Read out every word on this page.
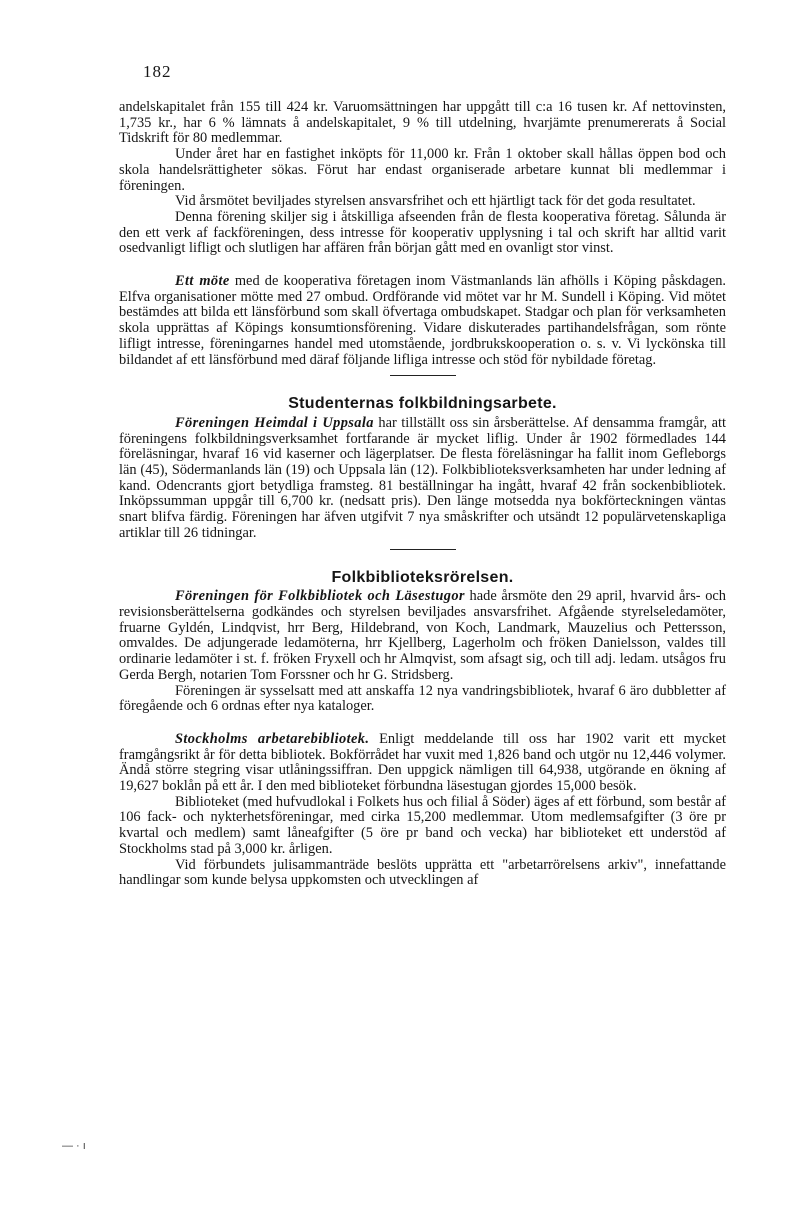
182

andelskapitalet från 155 till 424 kr. Varuomsättningen har uppgått till c:a 16 tusen kr. Af nettovinsten, 1,735 kr., har 6 % lämnats å andelskapitalet, 9 % till utdelning, hvarjämte prenumererats å Social Tidskrift för 80 medlemmar.

Under året har en fastighet inköpts för 11,000 kr. Från 1 oktober skall hållas öppen bod och skola handelsrättigheter sökas. Förut har endast organiserade arbetare kunnat bli medlemmar i föreningen.

Vid årsmötet beviljades styrelsen ansvarsfrihet och ett hjärtligt tack för det goda resultatet.

Denna förening skiljer sig i åtskilliga afseenden från de flesta kooperativa företag. Sålunda är den ett verk af fackföreningen, dess intresse för kooperativ upplysning i tal och skrift har alltid varit osedvanligt lifligt och slutligen har affären från början gått med en ovanligt stor vinst.

Ett möte med de kooperativa företagen inom Västmanlands län afhölls i Köping påskdagen. Elfva organisationer mötte med 27 ombud. Ordförande vid mötet var hr M. Sundell i Köping. Vid mötet bestämdes att bilda ett länsförbund som skall öfvertaga ombudskapet. Stadgar och plan för verksamheten skola upprättas af Köpings konsumtionsförening. Vidare diskuterades partihandelsfrågan, som rönte lifligt intresse, föreningarnes handel med utomstående, jordbrukskooperation o. s. v. Vi lyckönska till bildandet af ett länsförbund med däraf följande lifliga intresse och stöd för nybildade företag.

Studenternas folkbildningsarbete.

Föreningen Heimdal i Uppsala har tillställt oss sin årsberättelse. Af densamma framgår, att föreningens folkbildningsverksamhet fortfarande är mycket liflig. Under år 1902 förmedlades 144 föreläsningar, hvaraf 16 vid kaserner och lägerplatser. De flesta föreläsningar ha fallit inom Gefleborgs län (45), Södermanlands län (19) och Uppsala län (12). Folkbiblioteksverksamheten har under ledning af kand. Odencrants gjort betydliga framsteg. 81 beställningar ha ingått, hvaraf 42 från sockenbibliotek. Inköpssumman uppgår till 6,700 kr. (nedsatt pris). Den länge motsedda nya bokförteckningen väntas snart blifva färdig. Föreningen har äfven utgifvit 7 nya småskrifter och utsändt 12 populärvetenskapliga artiklar till 26 tidningar.

Folkbiblioteksrörelsen.

Föreningen för Folkbibliotek och Läsestugor hade årsmöte den 29 april, hvarvid års- och revisionsberättelserna godkändes och styrelsen beviljades ansvarsfrihet. Afgående styrelseledamöter, fruarne Gyldén, Lindqvist, hrr Berg, Hildebrand, von Koch, Landmark, Mauzelius och Pettersson, omvaldes. De adjungerade ledamöterna, hrr Kjellberg, Lagerholm och fröken Danielsson, valdes till ordinarie ledamöter i st. f. fröken Fryxell och hr Almqvist, som afsagt sig, och till adj. ledam. utsågos fru Gerda Bergh, notarien Tom Forssner och hr G. Stridsberg.

Föreningen är sysselsatt med att anskaffa 12 nya vandringsbibliotek, hvaraf 6 äro dubbletter af föregående och 6 ordnas efter nya kataloger.

Stockholms arbetarebibliotek. Enligt meddelande till oss har 1902 varit ett mycket framgångsrikt år för detta bibliotek. Bokförrådet har vuxit med 1,826 band och utgör nu 12,446 volymer. Ändå större stegring visar utlåningssiffran. Den uppgick nämligen till 64,938, utgörande en ökning af 19,627 boklån på ett år. I den med biblioteket förbundna läsestugan gjordes 15,000 besök.

Biblioteket (med hufvudlokal i Folkets hus och filial å Söder) äges af ett förbund, som består af 106 fack- och nykterhetsföreningar, med cirka 15,200 medlemmar. Utom medlemsafgifter (3 öre pr kvartal och medlem) samt låneafgifter (5 öre pr band och vecka) har biblioteket ett understöd af Stockholms stad på 3,000 kr. årligen.

Vid förbundets julisammanträde beslöts upprätta ett "arbetarrörelsens arkiv", innefattande handlingar som kunde belysa uppkomsten och utvecklingen af

— · ı
